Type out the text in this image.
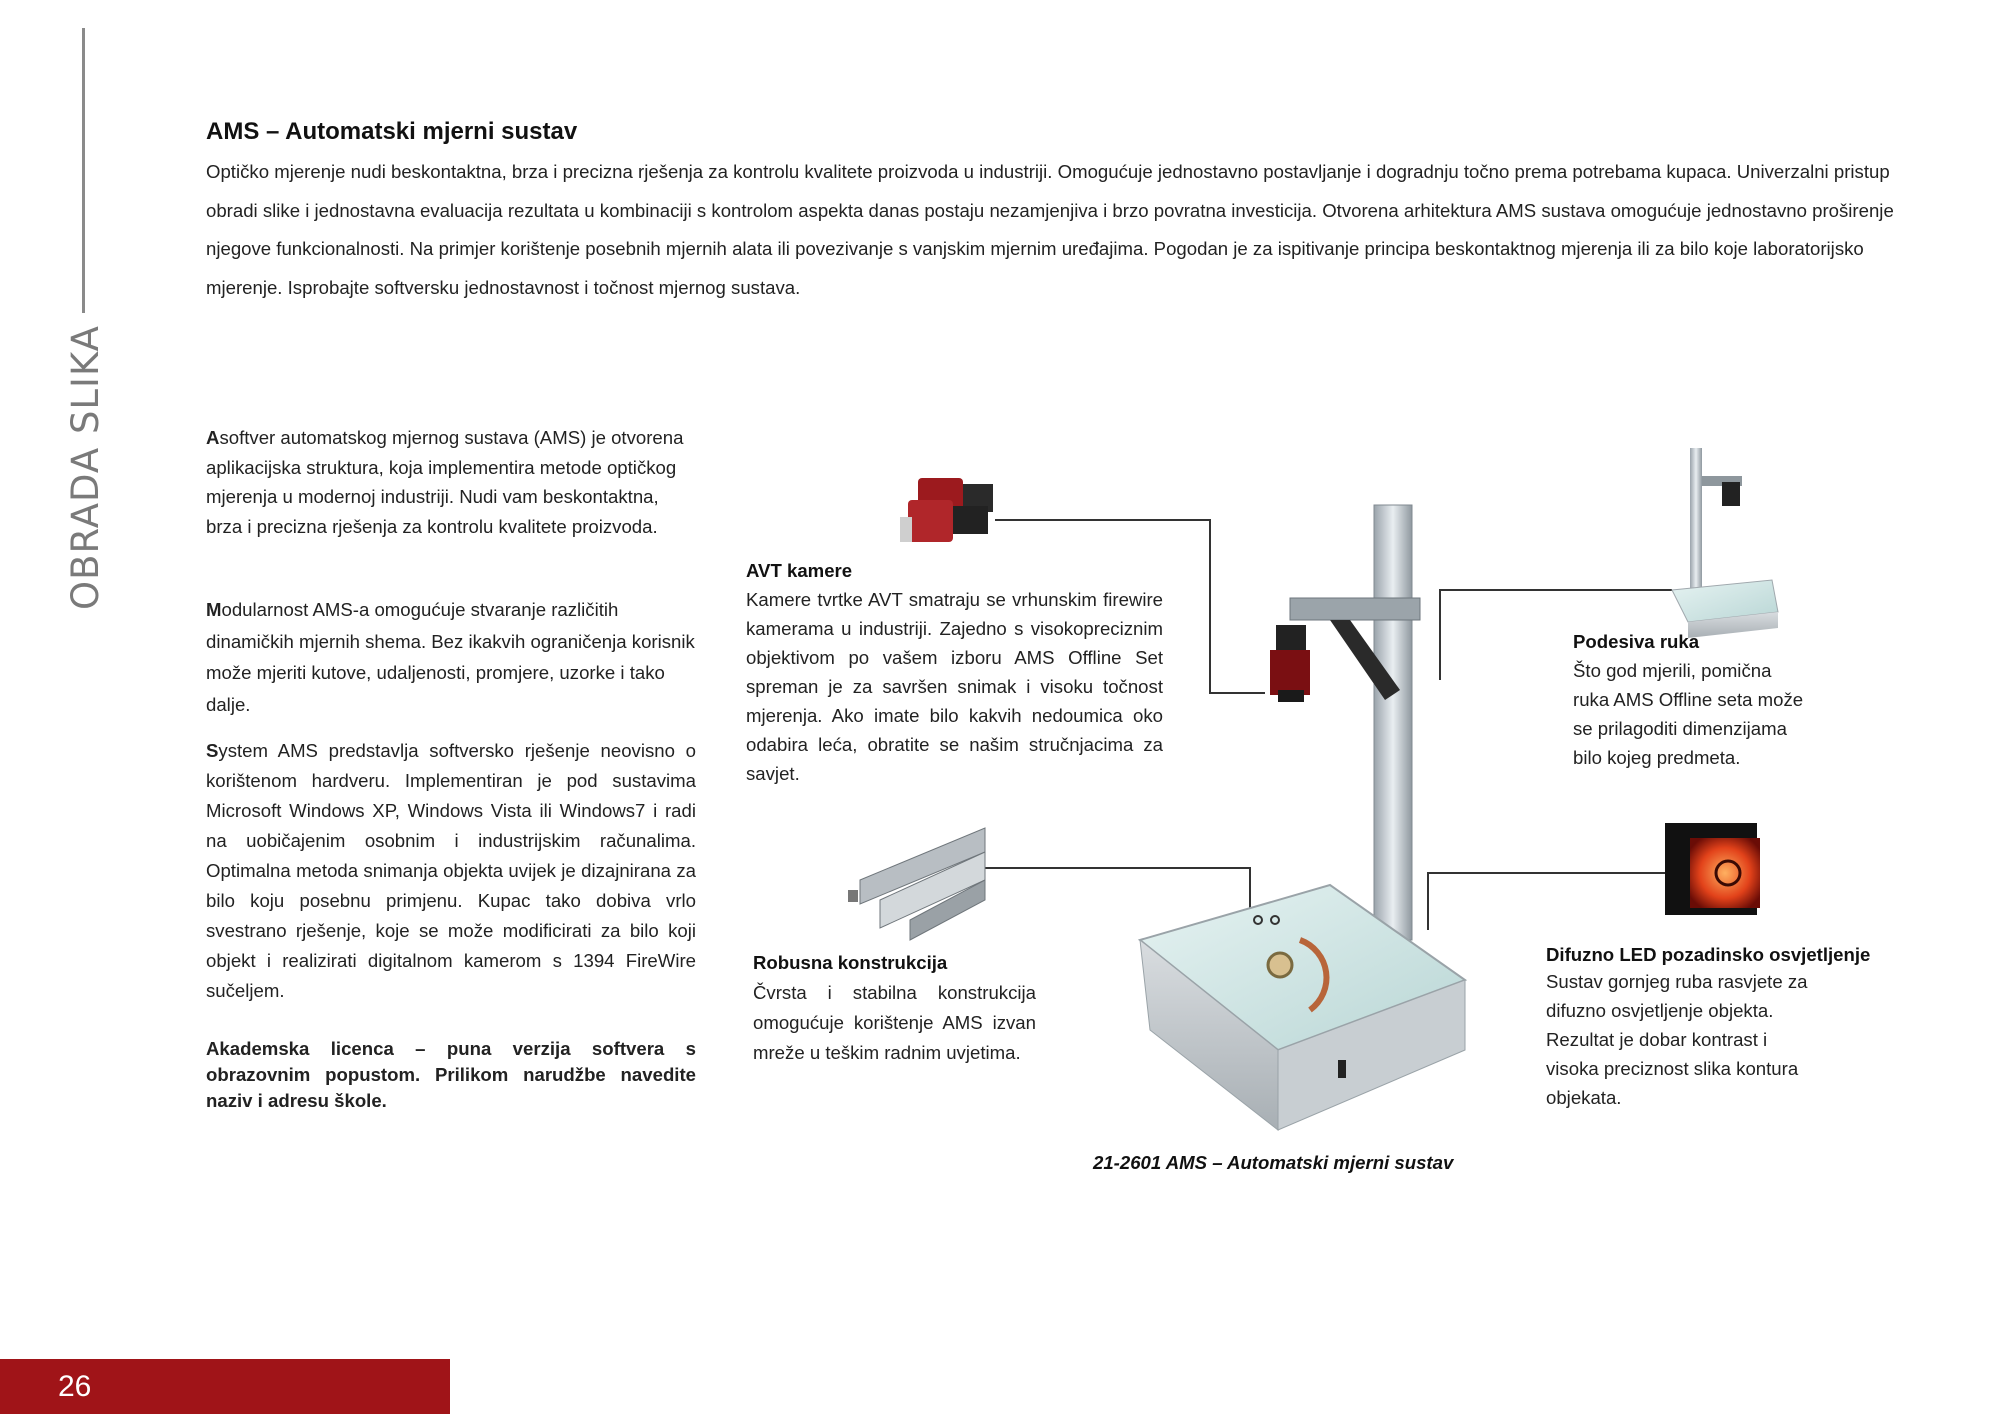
OBRADA SLIKA
AMS – Automatski mjerni sustav
Optičko mjerenje nudi beskontaktna, brza i precizna rješenja za kontrolu kvalitete proizvoda u industriji. Omogućuje jednostavno postavljanje i dogradnju točno prema potrebama kupaca. Univerzalni pristup obradi slike i jednostavna evaluacija rezultata u kombinaciji s kontrolom aspekta danas postaju nezamjenjiva i brzo povratna investicija. Otvorena arhitektura AMS sustava omogućuje jednostavno proširenje njegove funkcionalnosti. Na primjer korištenje posebnih mjernih alata ili povezivanje s vanjskim mjernim uređajima. Pogodan je za ispitivanje principa beskontaktnog mjerenja ili za bilo koje laboratorijsko mjerenje. Isprobajte softversku jednostavnost i točnost mjernog sustava.

Asoftver automatskog mjernog sustava (AMS) je otvorena aplikacijska struktura, koja implementira metode optičkog mjerenja u modernoj industriji. Nudi vam beskontaktna, brza i precizna rješenja za kontrolu kvalitete proizvoda.

Modularnost AMS-a omogućuje stvaranje različitih dinamičkih mjernih shema. Bez ikakvih ograničenja korisnik može mjeriti kutove, udaljenosti, promjere, uzorke i tako dalje.

System AMS predstavlja softversko rješenje neovisno o korištenom hardveru. Implementiran je pod sustavima Microsoft Windows XP, Windows Vista ili Windows7 i radi na uobičajenim osobnim i industrijskim računalima. Optimalna metoda snimanja objekta uvijek je dizajnirana za bilo koju posebnu primjenu. Kupac tako dobiva vrlo svestrano rješenje, koje se može modificirati za bilo koji objekt i realizirati digitalnom kamerom s 1394 FireWire sučeljem.

Akademska licenca – puna verzija softvera s obrazovnim popustom. Prilikom narudžbe navedite naziv i adresu škole.

AVT kamere

Kamere tvrtke AVT smatraju se vrhunskim firewire kamerama u industriji. Zajedno s visokopreciznim objektivom po vašem izboru AMS Offline Set spreman je za savršen snimak i visoku točnost mjerenja. Ako imate bilo kakvih nedoumica oko odabira leća, obratite se našim stručnjacima za savjet.

Podesiva ruka

Što god mjerili, pomična

ruka AMS Offline seta može

se prilagoditi dimenzijama

bilo kojeg predmeta.

Robusna konstrukcija

Čvrsta i stabilna konstrukcija omogućuje korištenje AMS izvan mreže u teškim radnim uvjetima.

Difuzno LED pozadinsko osvjetljenje

Sustav gornjeg ruba rasvjete za

difuzno osvjetljenje objekta.

Rezultat je dobar kontrast i

visoka preciznost slika kontura

objekata.

21-2601 AMS – Automatski mjerni sustav
26
